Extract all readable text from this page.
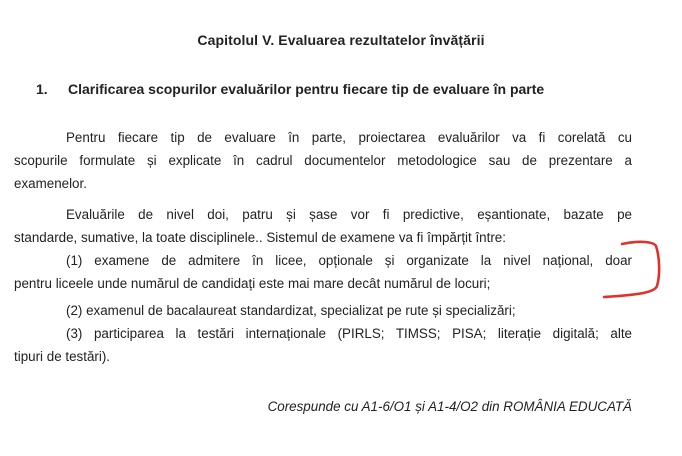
Capitolul V. Evaluarea rezultatelor învățării
1. Clarificarea scopurilor evaluărilor pentru fiecare tip de evaluare în parte
Pentru fiecare tip de evaluare în parte, proiectarea evaluărilor va fi corelată cu
scopurile formulate și explicate în cadrul documentelor metodologice sau de prezentare a
examenelor.
Evaluările de nivel doi, patru și șase vor fi predictive, eșantionate, bazate pe
standarde, sumative, la toate disciplinele.. Sistemul de examene va fi împărțit între:
(1) examene de admitere în licee, opționale și organizate la nivel național, doar
pentru liceele unde numărul de candidați este mai mare decât numărul de locuri;
(2) examenul de bacalaureat standardizat, specializat pe rute și specializări;
(3) participarea la testări internaționale (PIRLS; TIMSS; PISA; literație digitală; alte
tipuri de testări).
Corespunde cu A1-6/O1 și A1-4/O2 din ROMÂNIA EDUCATĂ
